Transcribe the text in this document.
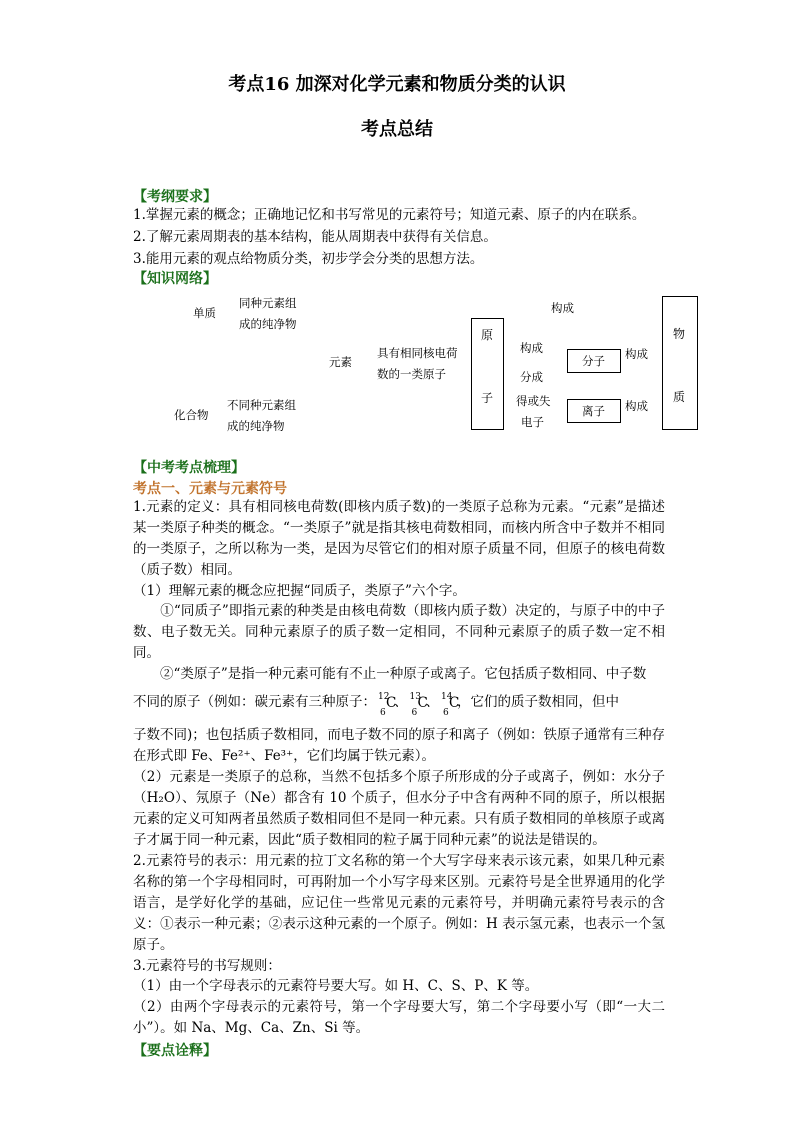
考点16 加深对化学元素和物质分类的认识
考点总结
【考纲要求】
1.掌握元素的概念；正确地记忆和书写常见的元素符号；知道元素、原子的内在联系。
2.了解元素周期表的基本结构，能从周期表中获得有关信息。
3.能用元素的观点给物质分类，初步学会分类的思想方法。
【知识网络】
单质
同种元素组
成的纯净物
化合物
不同种元素组
成的纯净物
元素
具有相同核电荷
数的一类原子
原
子
构成
构成
分成
得或失
电子
分子
离子
构成
构成
物
质
【中考考点梳理】
考点一、元素与元素符号
1.元素的定义：具有相同核电荷数(即核内质子数)的一类原子总称为元素。“元素”是描述某一类原子种类的概念。“一类原子”就是指其核电荷数相同，而核内所含中子数并不相同的一类原子，之所以称为一类，是因为尽管它们的相对原子质量不同，但原子的核电荷数（质子数）相同。
（1）理解元素的概念应把握“同质子，类原子”六个字。
　　①“同质子”即指元素的种类是由核电荷数（即核内质子数）决定的，与原子中的中子数、电子数无关。同种元素原子的质子数一定相同，不同种元素原子的质子数一定不相同。
　　②“类原子”是指一种元素可能有不止一种原子或离子。它包括质子数相同、中子数
不同的原子（例如：碳元素有三种原子： 12
6
C
、 13
6
C
、 14
6
C
，它们的质子数相同，但中
子数不同)；也包括质子数相同，而电子数不同的原子和离子（例如：铁原子通常有三种存在形式即 Fe、Fe²⁺、Fe³⁺，它们均属于铁元素）。
（2）元素是一类原子的总称，当然不包括多个原子所形成的分子或离子，例如：水分子（H₂O）、氖原子（Ne）都含有 10 个质子，但水分子中含有两种不同的原子，所以根据元素的定义可知两者虽然质子数相同但不是同一种元素。只有质子数相同的单核原子或离子才属于同一种元素，因此“质子数相同的粒子属于同种元素”的说法是错误的。
2.元素符号的表示：用元素的拉丁文名称的第一个大写字母来表示该元素，如果几种元素名称的第一个字母相同时，可再附加一个小写字母来区别。元素符号是全世界通用的化学语言，是学好化学的基础，应记住一些常见元素的元素符号，并明确元素符号表示的含义：①表示一种元素；②表示这种元素的一个原子。例如：H 表示氢元素，也表示一个氢原子。
3.元素符号的书写规则：
（1）由一个字母表示的元素符号要大写。如 H、C、S、P、K 等。
（2）由两个字母表示的元素符号，第一个字母要大写，第二个字母要小写（即“一大二小”）。如 Na、Mg、Ca、Zn、Si 等。
【要点诠释】
